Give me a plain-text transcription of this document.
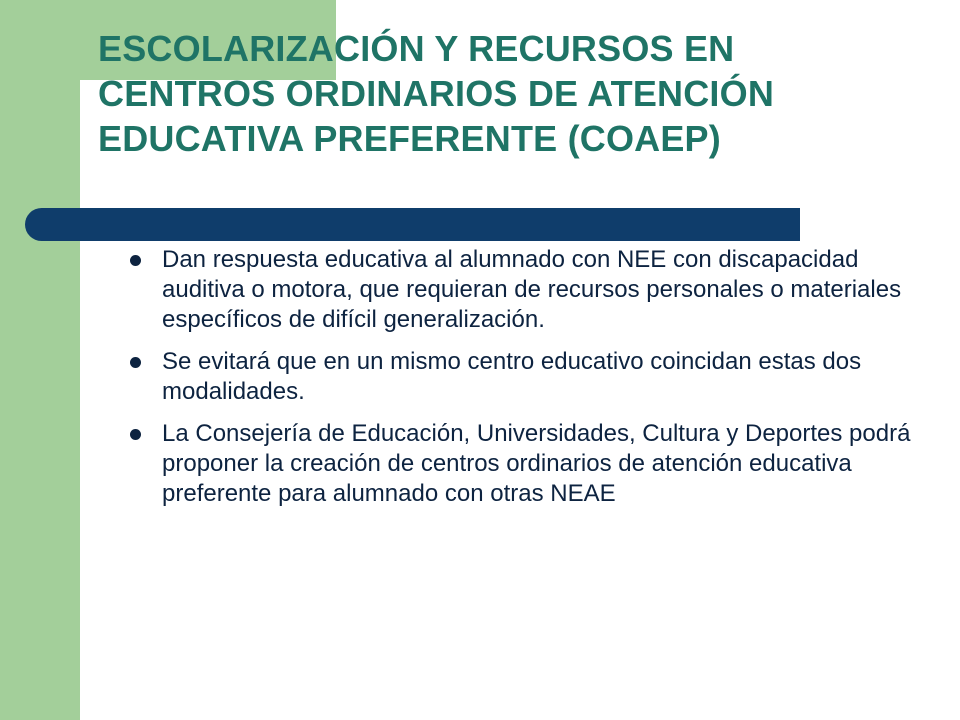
ESCOLARIZACIÓN Y RECURSOS EN CENTROS ORDINARIOS DE ATENCIÓN EDUCATIVA PREFERENTE (COAEP)
Dan respuesta educativa al alumnado con NEE con discapacidad auditiva o motora, que requieran de recursos personales o materiales específicos de difícil generalización.
Se evitará que en un mismo centro educativo coincidan estas dos modalidades.
La Consejería de Educación, Universidades, Cultura y Deportes podrá proponer la creación de centros ordinarios de atención educativa preferente para alumnado con otras NEAE
